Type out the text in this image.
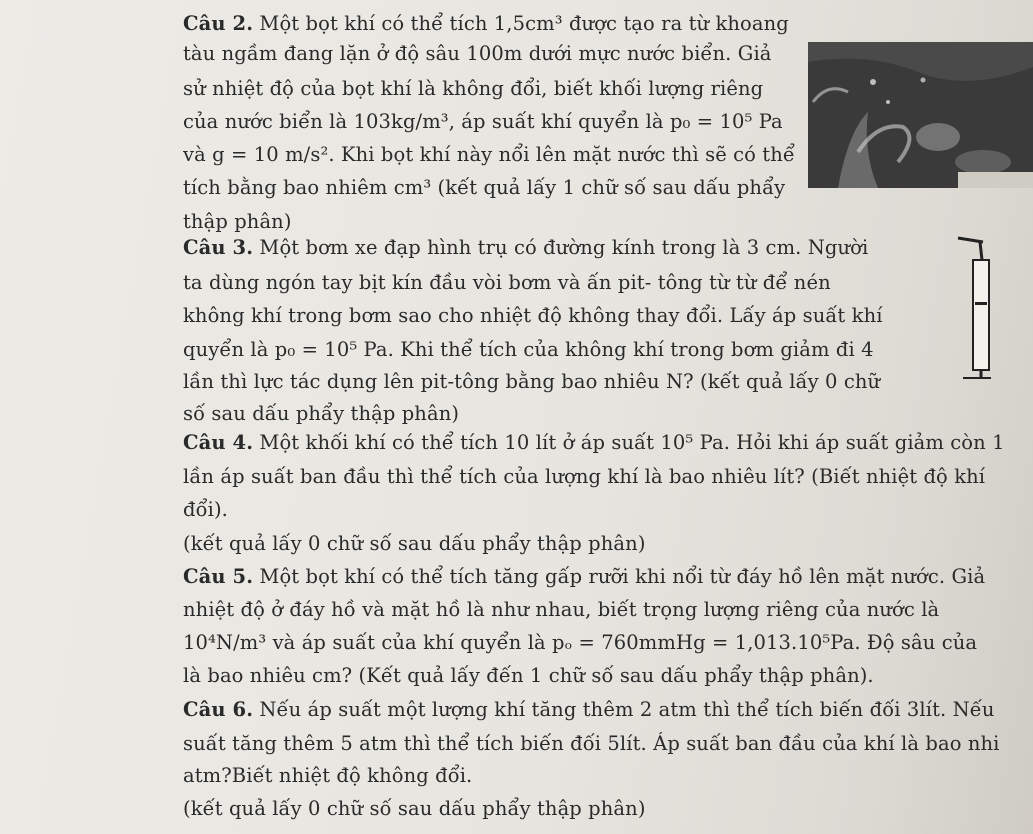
Câu 2. Một bọt khí có thể tích 1,5cm³ được tạo ra từ khoang
tàu ngầm đang lặn ở độ sâu 100m dưới mực nước biển. Giả
sử nhiệt độ của bọt khí là không đổi, biết khối lượng riêng
của nước biển là 103kg/m³, áp suất khí quyển là p₀ = 10⁵ Pa
và g = 10 m/s². Khi bọt khí này nổi lên mặt nước thì sẽ có thể
tích bằng bao nhiêm cm³ (kết quả lấy 1 chữ số sau dấu phẩy
thập phân)
Câu 3. Một bơm xe đạp hình trụ có đường kính trong là 3 cm. Người
ta dùng ngón tay bịt kín đầu vòi bơm và ấn pit- tông từ từ để nén
không khí trong bơm sao cho nhiệt độ không thay đổi. Lấy áp suất khí
quyển là p₀ = 10⁵ Pa. Khi thể tích của không khí trong bơm giảm đi 4
lần thì lực tác dụng lên pit-tông bằng bao nhiêu N? (kết quả lấy 0 chữ
số sau dấu phẩy thập phân)
Câu 4. Một khối khí có thể tích 10 lít ở áp suất 10⁵ Pa. Hỏi khi áp suất giảm còn 1
lần áp suất ban đầu thì thể tích của lượng khí là bao nhiêu lít? (Biết nhiệt độ khí
đổi).
(kết quả lấy 0 chữ số sau dấu phẩy thập phân)
Câu 5. Một bọt khí có thể tích tăng gấp rưỡi khi nổi từ đáy hồ lên mặt nước. Giả
nhiệt độ ở đáy hồ và mặt hồ là như nhau, biết trọng lượng riêng của nước là
10⁴N/m³ và áp suất của khí quyển là pₒ = 760mmHg = 1,013.10⁵Pa. Độ sâu của
là bao nhiêu cm? (Kết quả lấy đến 1 chữ số sau dấu phẩy thập phân).
Câu 6. Nếu áp suất một lượng khí tăng thêm 2 atm thì thể tích biến đối 3lít. Nếu
suất tăng thêm 5 atm thì thể tích biến đối 5lít. Áp suất ban đầu của khí là bao nhi
atm?Biết nhiệt độ không đổi.
(kết quả lấy 0 chữ số sau dấu phẩy thập phân)
